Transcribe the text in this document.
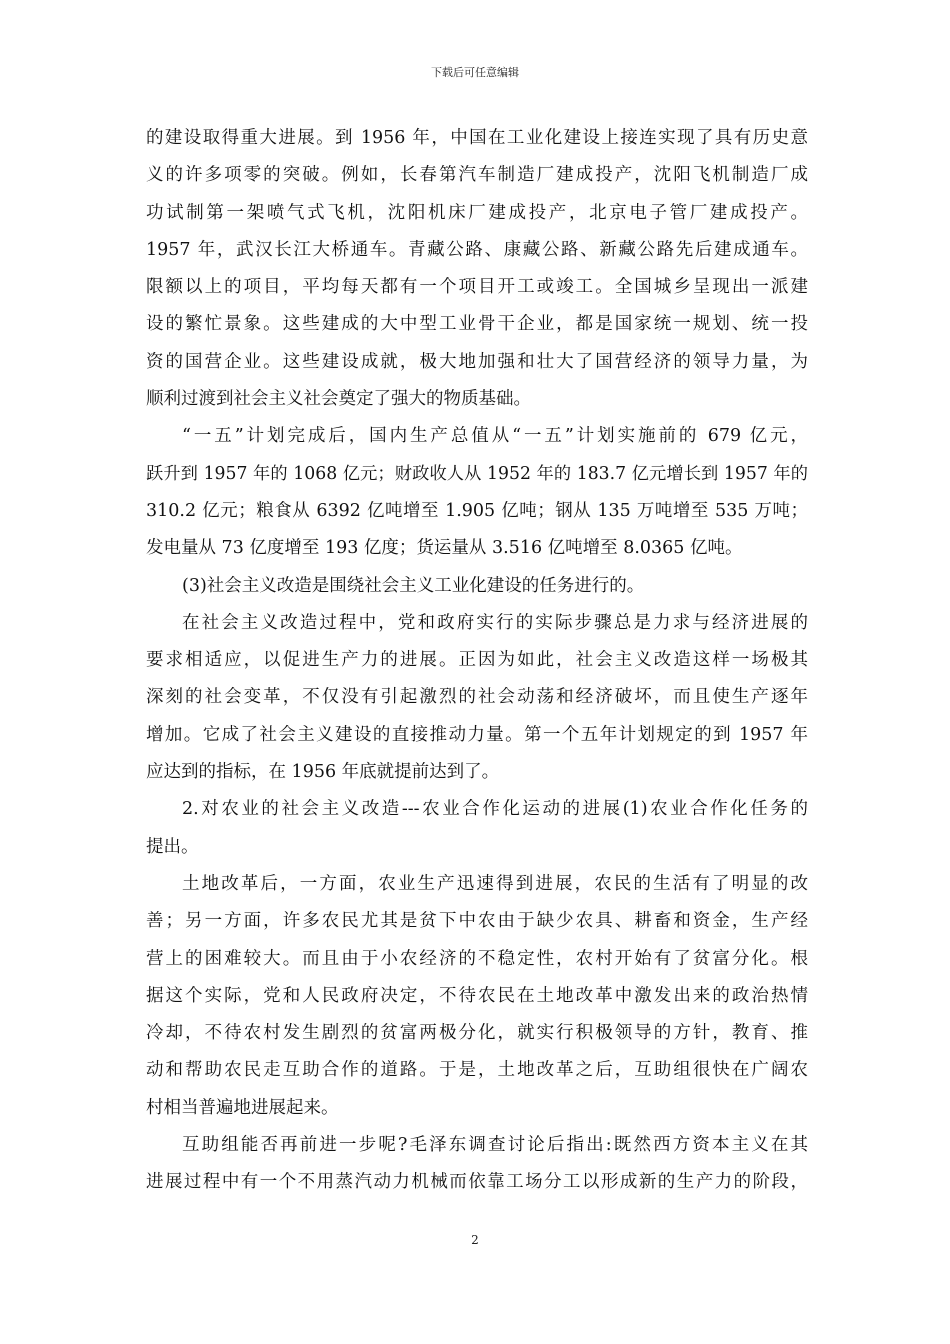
下载后可任意编辑
的建设取得重大进展。到 1956 年，中国在工业化建设上接连实现了具有历史意
义的许多项零的突破。例如，长春第汽车制造厂建成投产，沈阳飞机制造厂成
功试制第一架喷气式飞机，沈阳机床厂建成投产，北京电子管厂建成投产。
1957 年，武汉长江大桥通车。青藏公路、康藏公路、新藏公路先后建成通车。
限额以上的项目，平均每天都有一个项目开工或竣工。全国城乡呈现出一派建
设的繁忙景象。这些建成的大中型工业骨干企业，都是国家统一规划、统一投
资的国营企业。这些建设成就，极大地加强和壮大了国营经济的领导力量，为
顺利过渡到社会主义社会奠定了强大的物质基础。
“一五”计划完成后，国内生产总值从“一五”计划实施前的 679 亿元，
跃升到 1957 年的 1068 亿元；财政收人从 1952 年的 183.7 亿元增长到 1957 年的
310.2 亿元；粮食从 6392 亿吨增至 1.905 亿吨；钢从 135 万吨增至 535 万吨；
发电量从 73 亿度增至 193 亿度；货运量从 3.516 亿吨增至 8.0365 亿吨。
(3)社会主义改造是围绕社会主义工业化建设的任务进行的。
在社会主义改造过程中，党和政府实行的实际步骤总是力求与经济进展的
要求相适应，以促进生产力的进展。正因为如此，社会主义改造这样一场极其
深刻的社会变革，不仅没有引起激烈的社会动荡和经济破坏，而且使生产逐年
增加。它成了社会主义建设的直接推动力量。第一个五年计划规定的到 1957 年
应达到的指标，在 1956 年底就提前达到了。
2.对农业的社会主义改造---农业合作化运动的进展(1)农业合作化任务的
提出。
土地改革后，一方面，农业生产迅速得到进展，农民的生活有了明显的改
善；另一方面，许多农民尤其是贫下中农由于缺少农具、耕畜和资金，生产经
营上的困难较大。而且由于小农经济的不稳定性，农村开始有了贫富分化。根
据这个实际，党和人民政府决定，不待农民在土地改革中激发出来的政治热情
冷却，不待农村发生剧烈的贫富两极分化，就实行积极领导的方针，教育、推
动和帮助农民走互助合作的道路。于是，土地改革之后，互助组很快在广阔农
村相当普遍地进展起来。
互助组能否再前进一步呢?毛泽东调查讨论后指出:既然西方资本主义在其
进展过程中有一个不用蒸汽动力机械而依靠工场分工以形成新的生产力的阶段，
2
